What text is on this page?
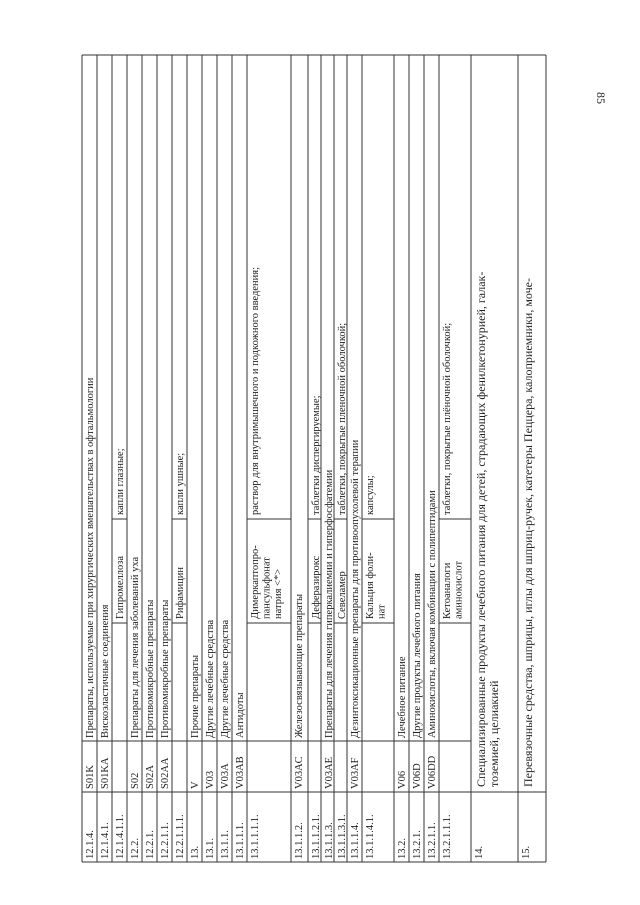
85
12.1.4.
S01K
Препараты, используемые при хирургических вмешательствах в офтальмологии
12.1.4.1.
S01KA
Вискоэластичные соединения
12.1.4.1.1.
Гипромеллоза
капли глазные;
12.2.
S02
Препараты для лечения заболеваний уха
12.2.1.
S02A
Противомикробные препараты
12.2.1.1.
S02AA
Противомикробные препараты
12.2.1.1.1.
Рифамицин
капли ушные;
13.
V
Прочие препараты
13.1.
V03
Другие лечебные средства
13.1.1.
V03A
Другие лечебные средства
13.1.1.1.
V03AB
Антидоты
13.1.1.1.1.
Димеркаптопро-пансульфонатнатрия <*>
раствор для внутримышечного и подкожного введения;
13.1.1.2.
V03AC
Железосвязывающие препараты
13.1.1.2.1.
Деферазирокс
таблетки диспергируемые;
13.1.1.3.
V03AE
Препараты для лечения гиперкалиемии и гиперфосфатемии
13.1.1.3.1.
Севеламер
таблетки, покрытые пленочной оболочкой;
13.1.1.4.
V03AF
Дезинтоксикационные препараты для противоопухолевой терапии
13.1.1.4.1.
Кальция фоли-нат
капсулы;
13.2.
V06
Лечебное питание
13.2.1.
V06D
Другие продукты лечебного питания
13.2.1.1.
V06DD
Аминокислоты, включая комбинации с полипептидами
13.2.1.1.1.
Кетоаналогиаминокислот
таблетки, покрытые плёночной оболочкой;
14.
Специализированные продукты лечебного питания для детей, страдающих фенилкетонурией, галак-тоземией, целиакией
15.
Перевязочные средства, шприцы, иглы для шприц-ручек, катетеры Пеццера, калоприемники, моче-
